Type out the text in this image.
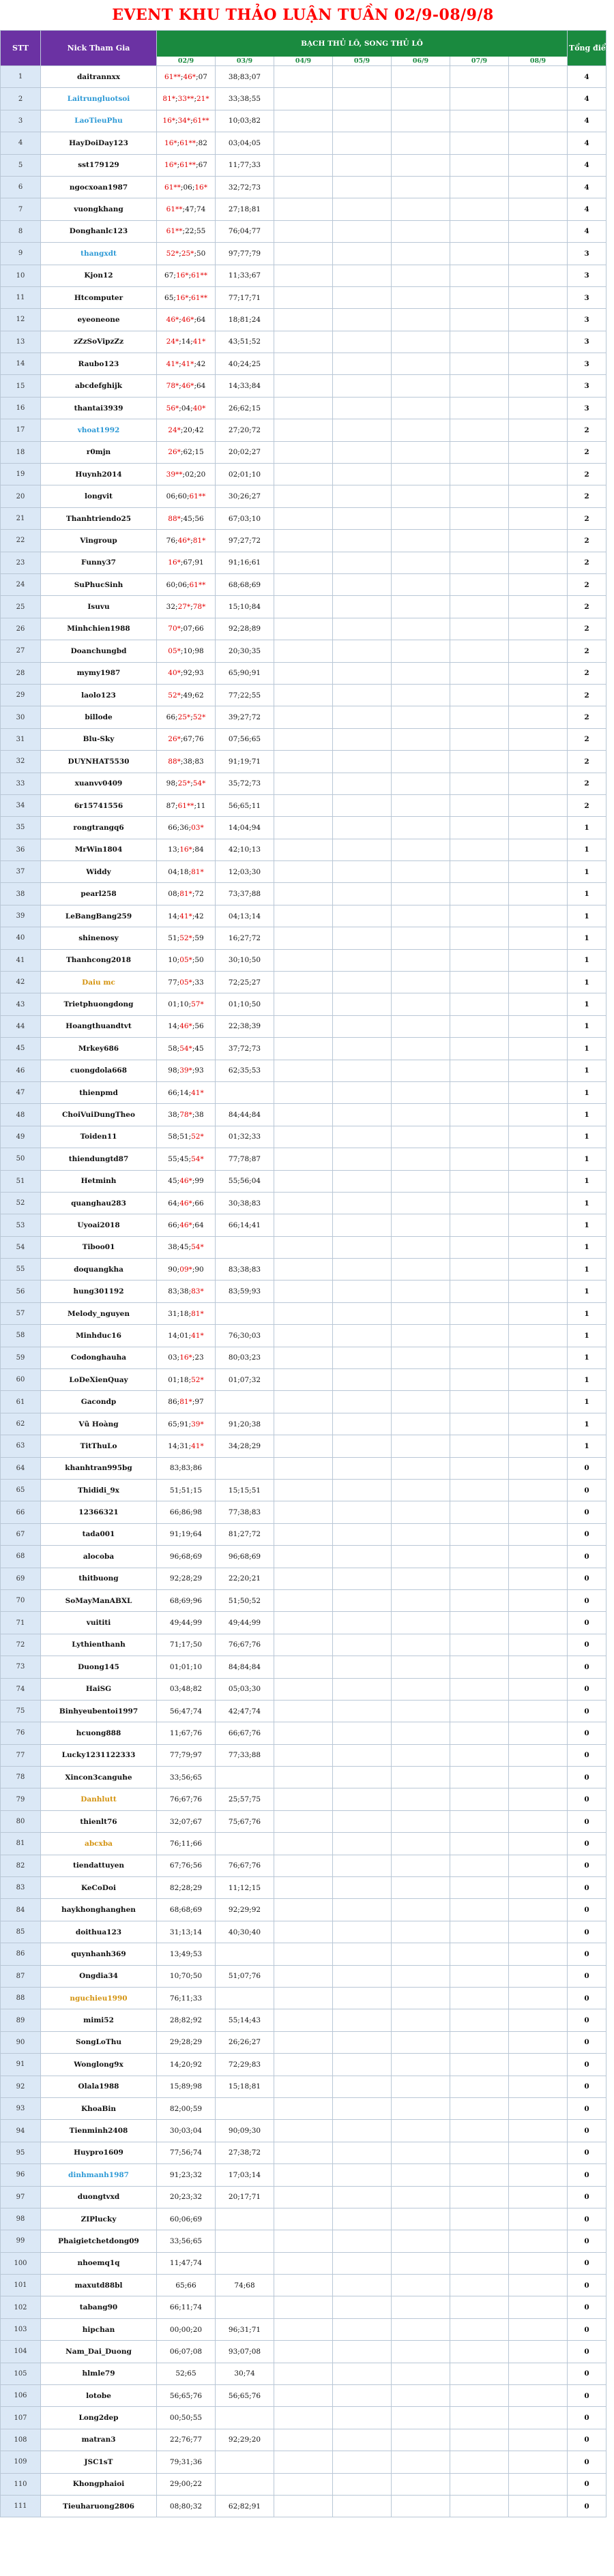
EVENT KHU THẢO LUẬN TUẦN 02/9-08/9/8
STT	Nick Tham Gia	BẠCH THỦ LÔ, SONG THỦ LÔ							Tổng điểm
		02/9	03/9	04/9	05/9	06/9	07/9	08/9	
1	daitrannxx	61**;46*;07	38;83;07						4
2	Laitrungluotsoi	81*;33**;21*	33;38;55						4
3	LaoTieuPhu	16*;34*;61**	10;03;82						4
4	HayDoiDay123	16*;61**;82	03;04;05						4
5	sst179129	16*;61**;67	11;77;33						4
6	ngocxoan1987	61**;06;16*	32;72;73						4
7	vuongkhang	61**;47;74	27;18;81						4
8	Donghanlc123	61**;22;55	76;04;77						4
9	thangxdt	52*;25*;50	97;77;79						3
10	Kjon12	67;16*;61**	11;33;67						3
11	Htcomputer	65;16*;61**	77;17;71						3
12	eyeoneone	46*;46*;64	18;81;24						3
13	zZzSoVipzZz	24*;14;41*	43;51;52						3
14	Raubo123	41*;41*;42	40;24;25						3
15	abcdefghijk	78*;46*;64	14;33;84						3
16	thantai3939	56*;04;40*	26;62;15						3
17	vhoat1992	24*;20;42	27;20;72						2
18	r0mjn	26*;62;15	20;02;27						2
19	Huynh2014	39**;02;20	02;01;10						2
20	longvit	06;60;61**	30;26;27						2
21	Thanhtriendo25	88*;45;56	67;03;10						2
22	Vingroup	76;46*;81*	97;27;72						2
23	Funny37	16*;67;91	91;16;61						2
24	SuPhucSinh	60;06;61**	68;68;69						2
25	Isuvu	32;27*;78*	15;10;84						2
26	Minhchien1988	70*;07;66	92;28;89						2
27	Doanchungbd	05*;10;98	20;30;35						2
28	mymy1987	40*;92;93	65;90;91						2
29	laolo123	52*;49;62	77;22;55						2
30	billode	66;25*;52*	39;27;72						2
31	Blu-Sky	26*;67;76	07;56;65						2
32	DUYNHAT5530	88*;38;83	91;19;71						2
33	xuanvv0409	98;25*;54*	35;72;73						2
34	6r15741556	87;61**;11	56;65;11						2
35	rongtrangq6	66;36;03*	14;04;94						1
36	MrWin1804	13;16*;84	42;10;13						1
37	Widdy	04;18;81*	12;03;30						1
38	pearl258	08;81*;72	73;37;88						1
39	LeBangBang259	14;41*;42	04;13;14						1
40	shinenosy	51;52*;59	16;27;72						1
41	Thanhcong2018	10;05*;50	30;10;50						1
42	Daiu mc	77;05*;33	72;25;27						1
43	Trietphuongdong	01;10;57*	01;10;50						1
44	Hoangthuandtvt	14;46*;56	22;38;39						1
45	Mrkey686	58;54*;45	37;72;73						1
46	cuongdola668	98;39*;93	62;35;53						1
47	thienpmd	66;14;41*							1
48	ChoiVuiDungTheo	38;78*;38	84;44;84						1
49	Toiden11	58;51;52*	01;32;33						1
50	thiendungtd87	55;45;54*	77;78;87						1
51	Hetminh	45;46*;99	55;56;04						1
52	quanghau283	64;46*;66	30;38;83						1
53	Uyoai2018	66;46*;64	66;14;41						1
54	Tiboo01	38;45;54*							1
55	doquangkha	90;09*;90	83;38;83						1
56	hung301192	83;38;83*	83;59;93						1
57	Melody_nguyen	31;18;81*							1
58	Minhduc16	14;01;41*	76;30;03						1
59	Codonghauha	03;16*;23	80;03;23						1
60	LoDeXienQuay	01;18;52*	01;07;32						1
61	Gacondp	86;81*;97							1
62	Vũ Hoàng	65;91;39*	91;20;38						1
63	TitThuLo	14;31;41*	34;28;29						1
64	khanhtran995bg	83;83;86							0
65	Thididi_9x	51;51;15	15;15;51						0
66	12366321	66;86;98	77;38;83						0
67	tada001	91;19;64	81;27;72						0
68	alocoba	96;68;69	96;68;69						0
69	thitbuong	92;28;29	22;20;21						0
70	SoMayManABXL	68;69;96	51;50;52						0
71	vuititi	49;44;99	49;44;99						0
72	Lythienthanh	71;17;50	76;67;76						0
73	Duong145	01;01;10	84;84;84						0
74	HaiSG	03;48;82	05;03;30						0
75	Binhyeubentoi1997	56;47;74	42;47;74						0
76	hcuong888	11;67;76	66;67;76						0
77	Lucky1231122333	77;79;97	77;33;88						0
78	Xincon3canguhe	33;56;65							0
79	Danhlutt	76;67;76	25;57;75						0
80	thienlt76	32;07;67	75;67;76						0
81	abcxba	76;11;66							0
82	tiendattuyen	67;76;56	76;67;76						0
83	KeCoDoi	82;28;29	11;12;15						0
84	haykhonghanghen	68;68;69	92;29;92						0
85	doithua123	31;13;14	40;30;40						0
86	quynhanh369	13;49;53							0
87	Ongdia34	10;70;50	51;07;76						0
88	nguchieu1990	76;11;33							0
89	mimi52	28;82;92	55;14;43						0
90	SongLoThu	29;28;29	26;26;27						0
91	Wonglong9x	14;20;92	72;29;83						0
92	Olala1988	15;89;98	15;18;81						0
93	KhoaBin	82;00;59							0
94	Tienminh2408	30;03;04	90;09;30						0
95	Huypro1609	77;56;74	27;38;72						0
96	dinhmanh1987	91;23;32	17;03;14						0
97	duongtvxd	20;23;32	20;17;71						0
98	ZIPlucky	60;06;69							0
99	Phaigietchetdong09	33;56;65							0
100	nhoemq1q	11;47;74							0
101	maxutd88bl	65;66	74;68						0
102	tabang90	66;11;74							0
103	hipchan	00;00;20	96;31;71						0
104	Nam_Dai_Duong	06;07;08	93;07;08						0
105	hlmle79	52;65	30;74						0
106	lotobe	56;65;76	56;65;76						0
107	Long2dep	00;50;55							0
108	matran3	22;76;77	92;29;20						0
109	JSC1sT	79;31;36							0
110	Khongphaioi	29;00;22							0
111	Tieuharuong2806	08;80;32	62;82;91						0
